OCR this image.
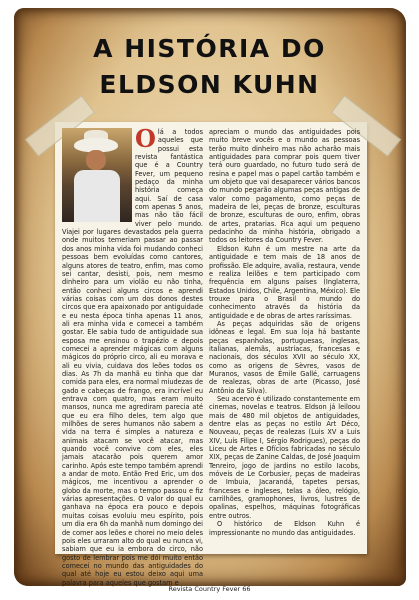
A HISTÓRIA DO
ELDSON KUHN

Olá a todos aqueles que possui esta revista fantástica que é a Country Fever, um pequeno pedaço da minha história começa aqui. Saí de casa com apenas 5 anos, mas não tão fácil viver pelo mundo. Viajei por lugares devastados pela guerra onde muitos temeriam passar ao passar dos anos minha vida foi mudando conheci pessoas bem evoluídas como cantores, alguns atores de teatro, enfim, mas como sei cantar, desisti, pois, nem mesmo dinheiro para um violão eu não tinha, então conheci alguns circos e aprendi várias coisas com um dos donos destes circos que era apaixonado por antiguidade e eu nesta época tinha apenas 11 anos, ali era minha vida e comecei a também gostar. Ele sabia tudo de antiguidade sua esposa me ensinou o trapézio e depois comecei a aprender mágicas com alguns mágicos do próprio circo, ali eu morava e ali eu vivia, cuidava dos leões todos os dias. As 7h da manhã eu tinha que dar comida para eles, era normal miudezas de gado e cabeças de frango, era incrível eu entrava com quatro, mas eram muito mansos, nunca me agrediram parecia até que eu era filho deles, tem algo que milhões de seres humanos não sabem a vida na terra é simples a natureza e animais atacam se você atacar, mas quando você convive com eles, eles jamais atacarão pois querem amor carinho. Após este tempo também aprendi a andar de moto. Então Fred Eric, um dos mágicos, me incentivou a aprender o globo da morte, mas o tempo passou e fiz várias apresentações. O valor do qual eu ganhava na época era pouco e depois muitas coisas evoluiu meu espírito, pois um dia era 6h da manhã num domingo dei de comer aos leões e chorei no meio deles pois eles urraram alto do qual eu nunca vi, sabiam que eu ia embora do circo, não gosto de lembrar pois me dói muito então comecei no mundo das antiguidades do qual até hoje eu estou deixo aqui uma palavra para aqueles que gostam e

apreciam o mundo das antiguidades pois muito breve vocês e o mundo as pessoas terão muito dinheiro mas não acharão mais antiguidades para comprar pois quem tiver terá ouro guardado, no futuro tudo será de resina e papel mas o papel cartão também e um objeto que vai desaparecer vários bancos do mundo pegarão algumas peças antigas de valor como pagamento, como peças de madeira de lei, peças de bronze, esculturas de bronze, esculturas de ouro, enfim, obras de artes, pratarias. Fica aqui um pequeno pedacinho da minha história, obrigado a todos os leitores da Country Fever.

Eldson Kuhn é um mestre na arte da antiguidade e tem mais de 18 anos de profissão. Ele adquire, avalia, restaura, vende e realiza leilões e tem participado com frequência em alguns países (Inglaterra, Estados Unidos, Chile, Argentina, México). Ele trouxe para o Brasil o mundo do conhecimento através da história da antiguidade e de obras de artes raríssimas.

As peças adquiridas são de origens idôneas e legal. Em sua loja há bastante peças espanholas, portuguesas, inglesas, italianas, alemãs, austríacas, francesas e nacionais, dos séculos XVII ao século XX, como as origens de Sèvres, vasos de Muranos, vasos de Émile Gallé, carruagens de realezas, obras de arte (Picasso, José Antônio da Silva).

Seu acervo é utilizado constantemente em cinemas, novelas e teatros. Eldson já leiloou mais de 480 mil objetos de antiguidades, dentre elas as peças no estilo Art Déco, Nouveau, peças de realezas (Luis XV a Luis XIV, Luis Filipe I, Sérgio Rodrigues), peças do Liceu de Artes e Ofícios fabricadas no século XIX, peças de Zanine Caldas, de José Joaquim Tenreiro, jogo de jardins no estilo Iacobs, móveis de Le Corbusier, peças de madeiras de Imbuia, Jacarandá, tapetes persas, franceses e ingleses, telas a óleo, relógio, carrilhões, gramophones, livros, lustres de opalinas, espelhos, máquinas fotográficas entre outros.

O histórico de Eldson Kuhn é impressionante no mundo das antiguidades.

Revista Country Fever 66
